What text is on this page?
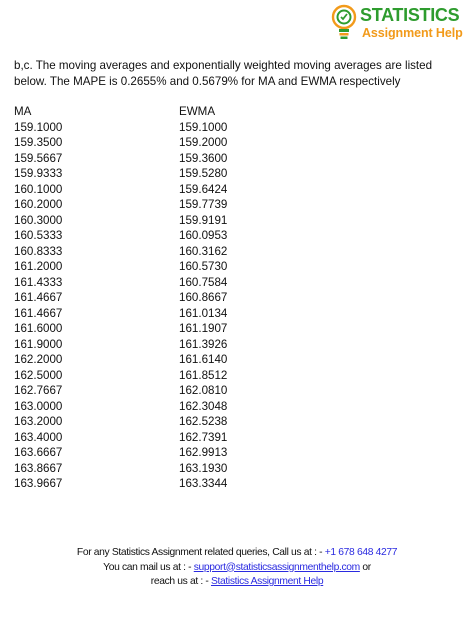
STATISTICS
Assignment Help
b,c. The moving averages and exponentially weighted moving averages are listed below. The MAPE is 0.2655% and 0.5679% for MA and EWMA respectively
MA
159.1000
159.3500
159.5667
159.9333
160.1000
160.2000
160.3000
160.5333
160.8333
161.2000
161.4333
161.4667
161.4667
161.6000
161.9000
162.2000
162.5000
162.7667
163.0000
163.2000
163.4000
163.6667
163.8667
163.9667
EWMA
159.1000
159.2000
159.3600
159.5280
159.6424
159.7739
159.9191
160.0953
160.3162
160.5730
160.7584
160.8667
161.0134
161.1907
161.3926
161.6140
161.8512
162.0810
162.3048
162.5238
162.7391
162.9913
163.1930
163.3344
For any Statistics Assignment related queries, Call us at : - +1 678 648 4277
You can mail us at : - support@statisticsassignmenthelp.com or
reach us at : - Statistics Assignment Help
